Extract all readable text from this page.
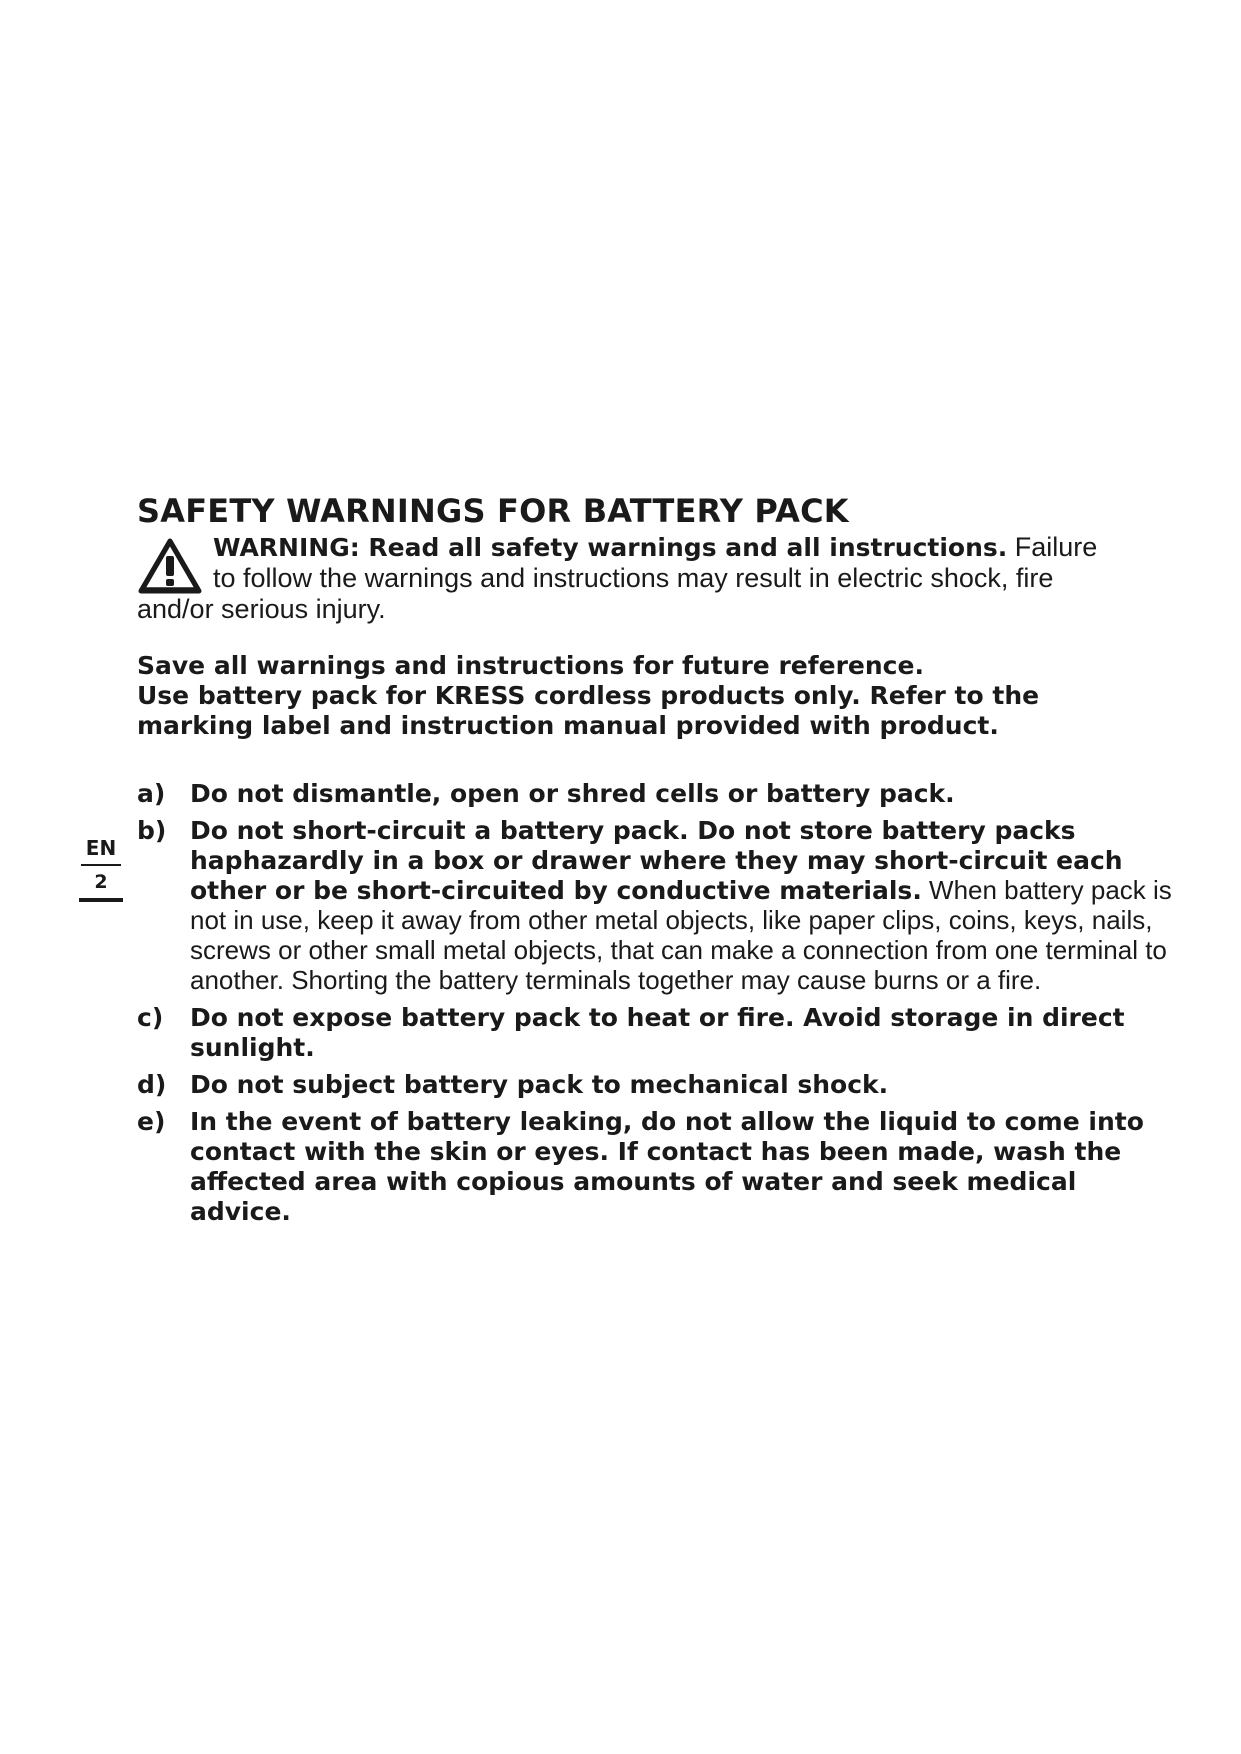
EN
2
SAFETY WARNINGS FOR BATTERY PACK
WARNING: Read all safety warnings and all instructions. Failure
to follow the warnings and instructions may result in electric shock, fire
and/or serious injury.
Save all warnings and instructions for future reference.
Use battery pack for KRESS cordless products only. Refer to the
marking label and instruction manual provided with product.
a) Do not dismantle, open or shred cells or battery pack.
b) Do not short-circuit a battery pack. Do not store battery packs haphazardly in a box or drawer where they may short-circuit each other or be short-circuited by conductive materials. When battery pack is not in use, keep it away from other metal objects, like paper clips, coins, keys, nails, screws or other small metal objects, that can make a connection from one terminal to another. Shorting the battery terminals together may cause burns or a fire.
c) Do not expose battery pack to heat or fire. Avoid storage in direct sunlight.
d) Do not subject battery pack to mechanical shock.
e) In the event of battery leaking, do not allow the liquid to come into contact with the skin or eyes. If contact has been made, wash the affected area with copious amounts of water and seek medical advice.
